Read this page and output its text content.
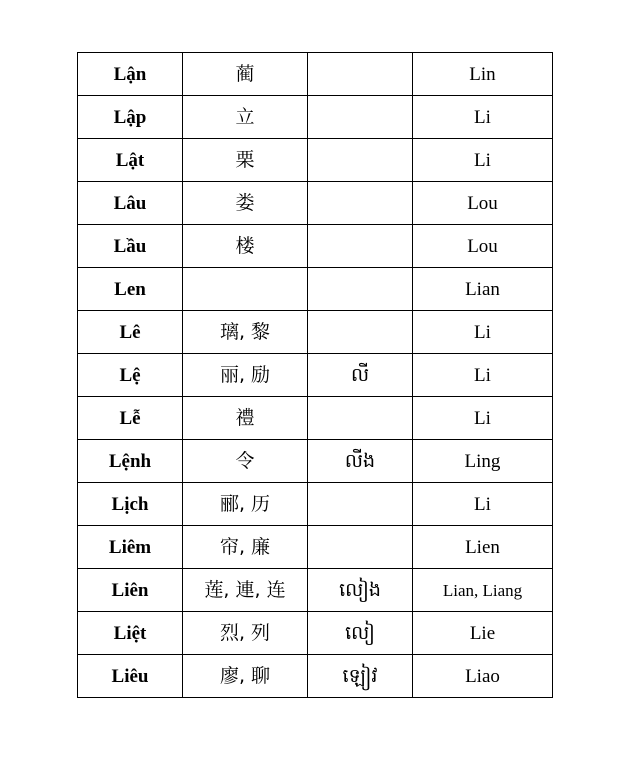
Lận	蔺		Lin
Lập	立		Li
Lật	栗		Li
Lâu	娄		Lou
Lầu	楼		Lou
Len			Lian
Lê	璃, 黎		Li
Lệ	丽, 励	លី	Li
Lễ	禮		Li
Lệnh	令	លីង	Ling
Lịch	郦, 历		Li
Liêm	帘, 廉		Lien
Liên	莲, 連, 连	លៀង	Lian, Liang
Liệt	烈, 列	លៀ	Lie
Liêu	廖, 聊	ឡៀវ	Liao
